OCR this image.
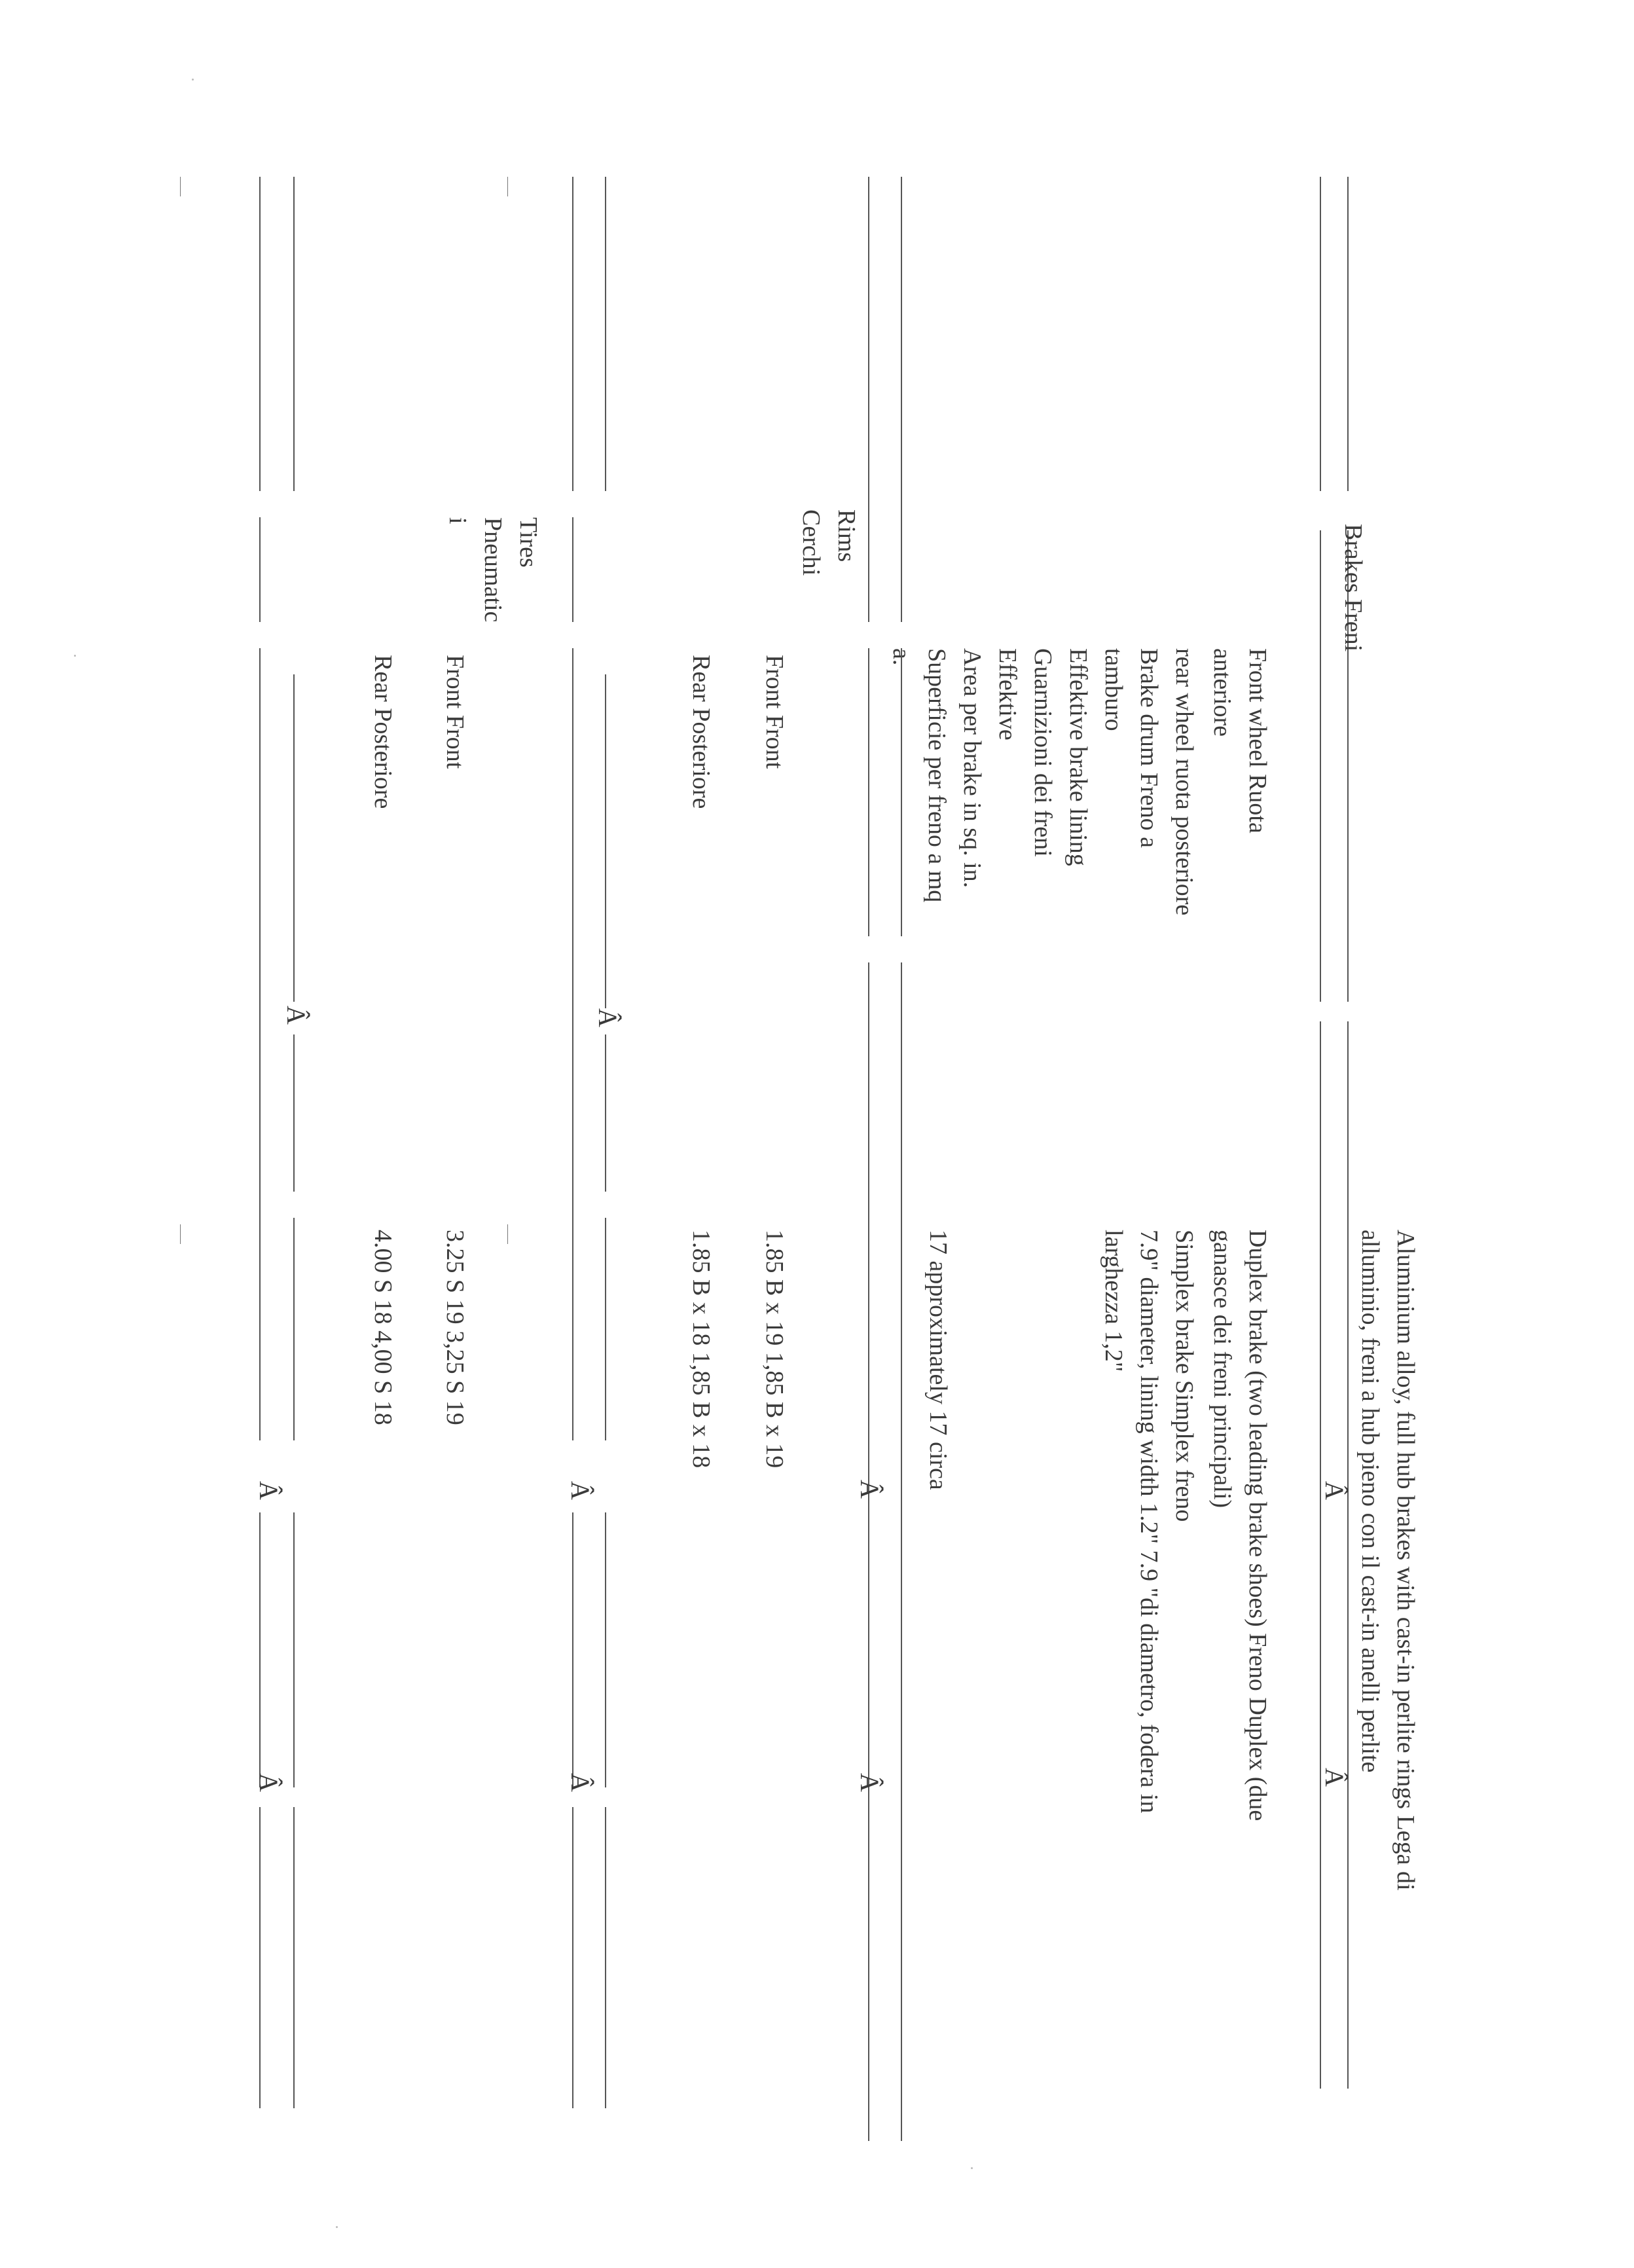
Brakes Freni
Aluminium alloy, full hub brakes with cast-in perlite rings Lega di
alluminio, freni a hub pieno con il cast-in anelli perlite
Â
Â
Front wheel Ruota
anteriore
Duplex brake (two leading brake shoes) Freno Duplex (due
ganasce dei freni principali)
rear wheel ruota posteriore
Simplex brake Simplex freno
Brake drum Freno a
tamburo
7.9" diameter, lining width 1.2" 7.9 "di diametro, fodera in
larghezza 1,2"
Effektive brake lining
Guarnizioni dei freni
Effektive
Area per brake in sq. in.
Superficie per freno a mq
a.
17 approximately 17 circa
Â
Â
Rims
Cerchi
Front Front
1.85 B x 19 1,85 B x 19
Rear Posteriore
1.85 B x 18 1,85 B x 18
Â
Â
Â
Tires
Pneumatic
i
Front Front
3.25 S 19 3,25 S 19
Rear Posteriore
4.00 S 18 4,00 S 18
Â
Â
Â
